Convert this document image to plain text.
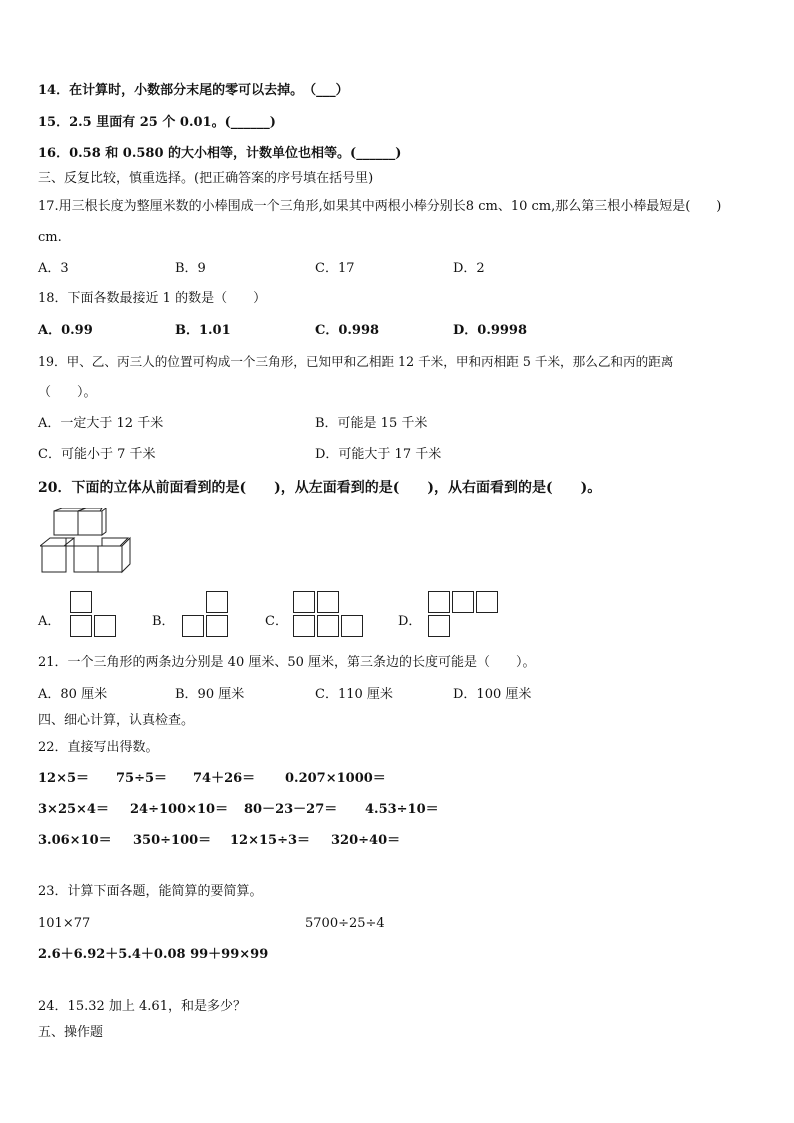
14．在计算时，小数部分末尾的零可以去掉。　（___）
15．2.5 里面有 25 个 0.01。(______)
16．0.58 和 0.580 的大小相等，计数单位也相等。(______)
三、反复比较，慎重选择。(把正确答案的序号填在括号里)
17.用三根长度为整厘米数的小棒围成一个三角形,如果其中两根小棒分别长8 cm、10 cm,那么第三根小棒最短是(　　)
cm.
A．3	B．9	C．17	D．2
18．下面各数最接近 1 的数是（　　）
A．0.99	B．1.01	C．0.998	D．0.9998
19．甲、乙、丙三人的位置可构成一个三角形，已知甲和乙相距 12 千米，甲和丙相距 5 千米，那么乙和丙的距离
（　　）。
A．一定大于 12 千米	B．可能是 15 千米
C．可能小于 7 千米	D．可能大于 17 千米
20．下面的立体从前面看到的是(　　)，从左面看到的是(　　)，从右面看到的是(　　)。
A．	B．	C．	D．
21．一个三角形的两条边分别是 40 厘米、50 厘米，第三条边的长度可能是（　　）。
A．80 厘米	B．90 厘米	C．110 厘米	D．100 厘米
四、细心计算，认真检查。
22．直接写出得数。
12×5＝ 75÷5＝ 74＋26＝ 0.207×1000＝
3×25×4＝ 24÷100×10＝ 80－23－27＝ 4.53÷10＝
3.06×10＝ 350÷100＝ 12×15÷3＝ 320÷40＝
23．计算下面各题，能简算的要简算。
101×77	5700÷25÷4
2.6＋6.92＋5.4＋0.08 99＋99×99
24．15.32 加上 4.61，和是多少？
五、操作题
